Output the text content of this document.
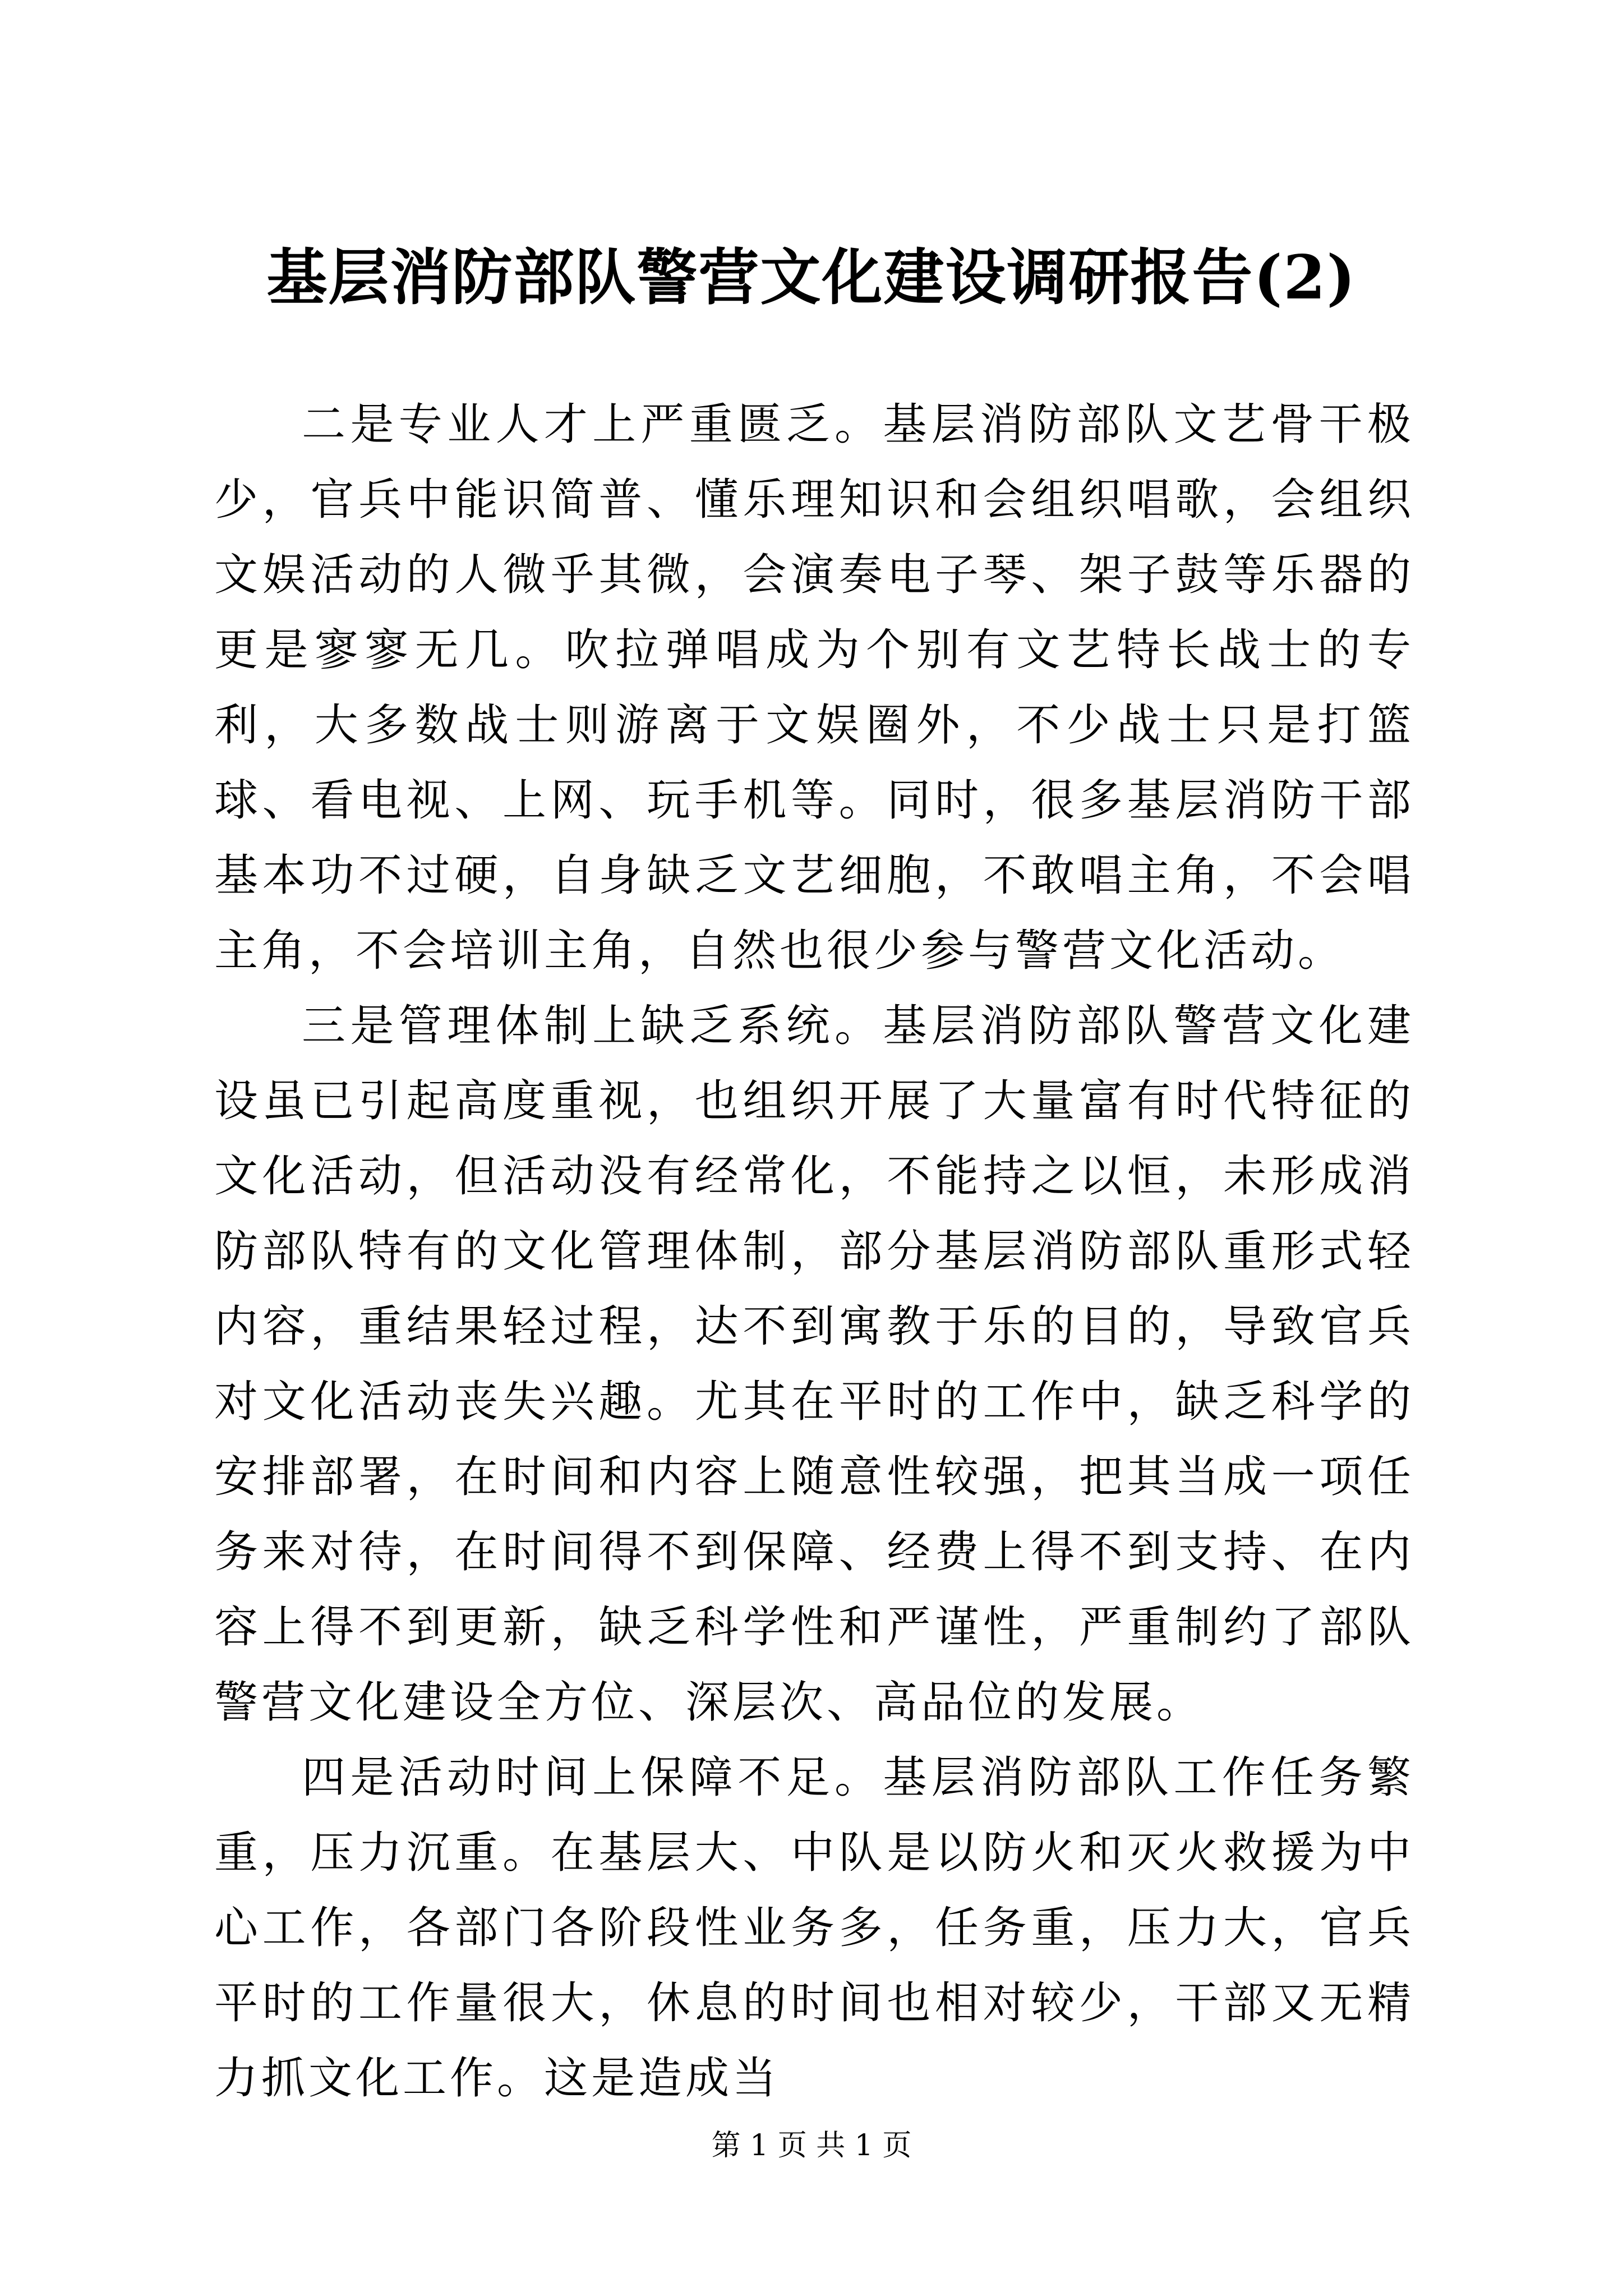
基层消防部队警营文化建设调研报告(2)

二是专业人才上严重匮乏。基层消防部队文艺骨干极少，官兵中能识简普、懂乐理知识和会组织唱歌，会组织文娱活动的人微乎其微，会演奏电子琴、架子鼓等乐器的更是寥寥无几。吹拉弹唱成为个别有文艺特长战士的专利，大多数战士则游离于文娱圈外，不少战士只是打篮球、看电视、上网、玩手机等。同时，很多基层消防干部基本功不过硬，自身缺乏文艺细胞，不敢唱主角，不会唱主角，不会培训主角，自然也很少参与警营文化活动。

三是管理体制上缺乏系统。基层消防部队警营文化建设虽已引起高度重视，也组织开展了大量富有时代特征的文化活动，但活动没有经常化，不能持之以恒，未形成消防部队特有的文化管理体制，部分基层消防部队重形式轻内容，重结果轻过程，达不到寓教于乐的目的，导致官兵对文化活动丧失兴趣。尤其在平时的工作中，缺乏科学的安排部署，在时间和内容上随意性较强，把其当成一项任务来对待，在时间得不到保障、经费上得不到支持、在内容上得不到更新，缺乏科学性和严谨性，严重制约了部队警营文化建设全方位、深层次、高品位的发展。

四是活动时间上保障不足。基层消防部队工作任务繁重，压力沉重。在基层大、中队是以防火和灭火救援为中心工作，各部门各阶段性业务多，任务重，压力大，官兵平时的工作量很大，休息的时间也相对较少，干部又无精力抓文化工作。这是造成当

第 1 页 共 1 页
